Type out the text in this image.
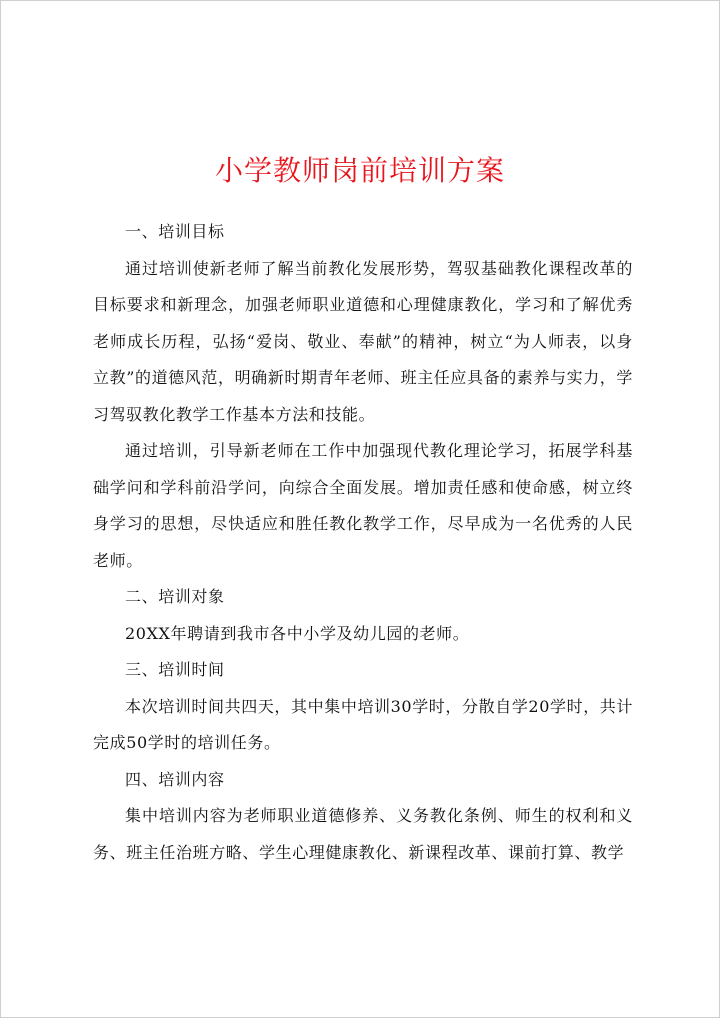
小学教师岗前培训方案

一、培训目标

通过培训使新老师了解当前教化发展形势，驾驭基础教化课程改革的目标要求和新理念，加强老师职业道德和心理健康教化，学习和了解优秀老师成长历程，弘扬“爱岗、敬业、奉献”的精神，树立“为人师表，以身立教”的道德风范，明确新时期青年老师、班主任应具备的素养与实力，学习驾驭教化教学工作基本方法和技能。

通过培训，引导新老师在工作中加强现代教化理论学习，拓展学科基础学问和学科前沿学问，向综合全面发展。增加责任感和使命感，树立终身学习的思想，尽快适应和胜任教化教学工作，尽早成为一名优秀的人民老师。

二、培训对象

20XX年聘请到我市各中小学及幼儿园的老师。

三、培训时间

本次培训时间共四天，其中集中培训30学时，分散自学20学时，共计完成50学时的培训任务。

四、培训内容

集中培训内容为老师职业道德修养、义务教化条例、师生的权利和义务、班主任治班方略、学生心理健康教化、新课程改革、课前打算、教学
